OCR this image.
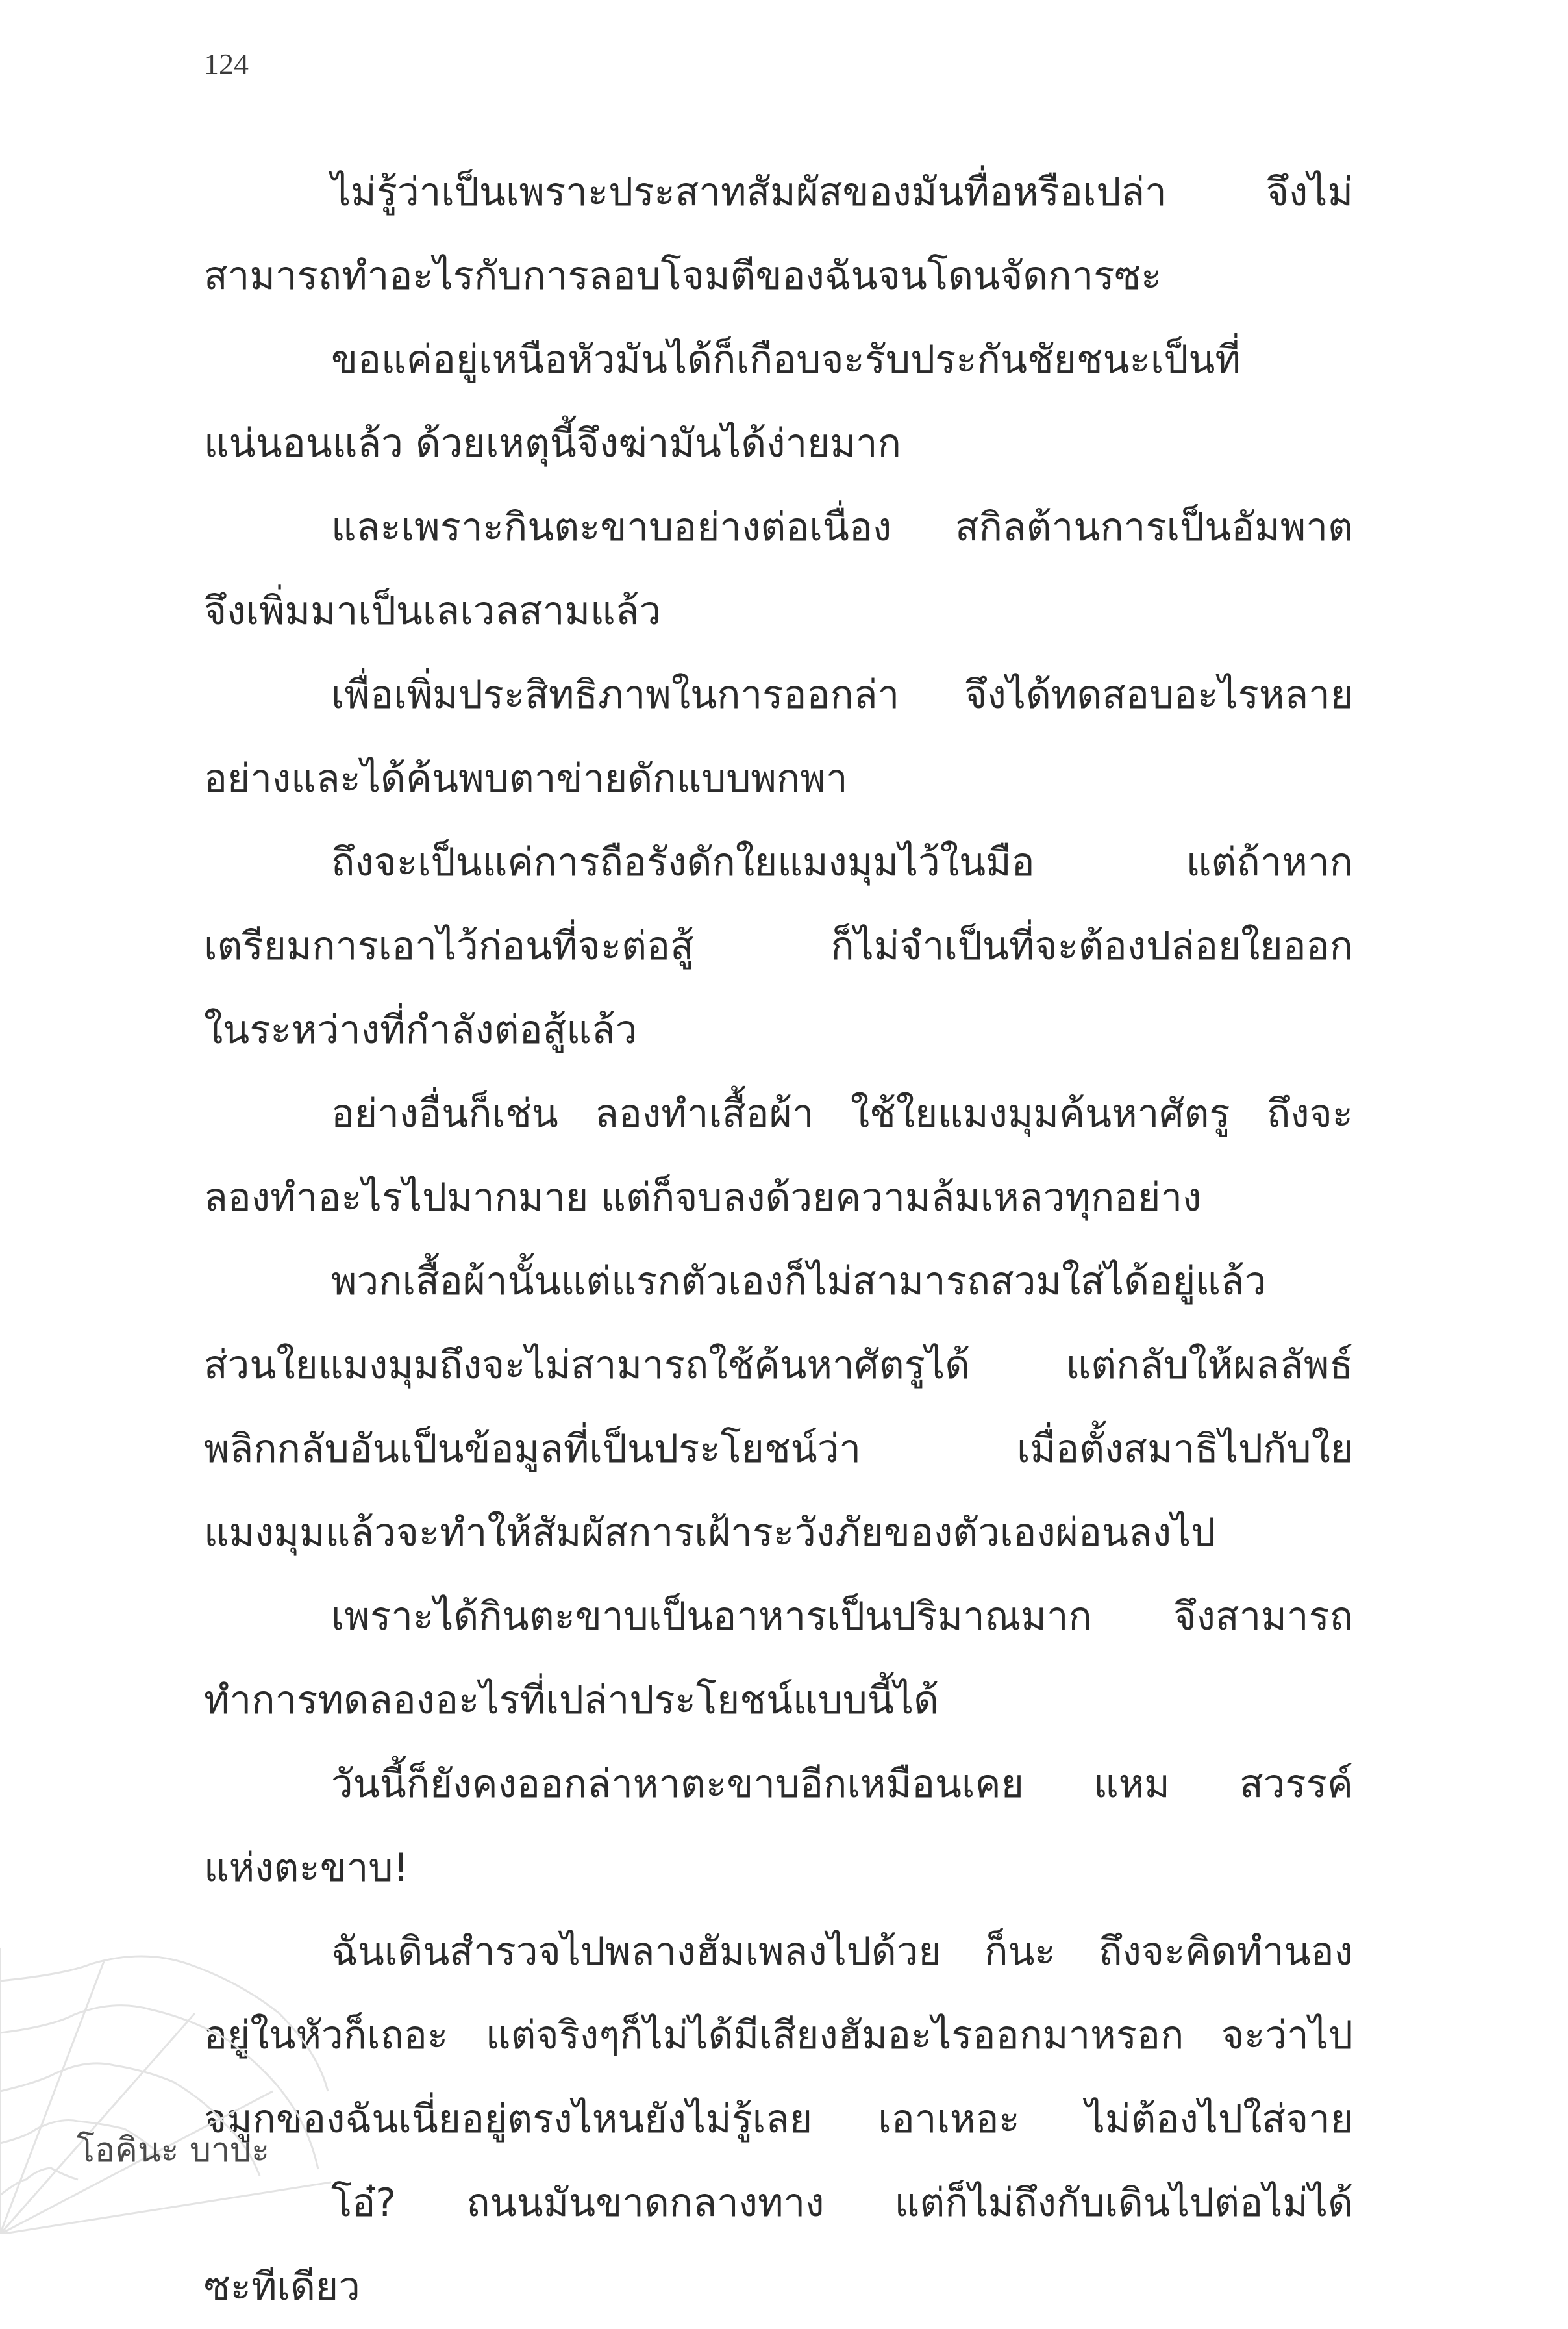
124
ไม่รู้ว่าเป็นเพราะประสาทสัมผัสของมันทื่อหรือเปล่า จึงไม่
สามารถทำอะไรกับการลอบโจมตีของฉันจนโดนจัดการซะ
ขอแค่อยู่เหนือหัวมันได้ก็เกือบจะรับประกันชัยชนะเป็นที่
แน่นอนแล้ว ด้วยเหตุนี้จึงฆ่ามันได้ง่ายมาก
และเพราะกินตะขาบอย่างต่อเนื่อง สกิลต้านการเป็นอัมพาต
จึงเพิ่มมาเป็นเลเวลสามแล้ว
เพื่อเพิ่มประสิทธิภาพในการออกล่า จึงได้ทดสอบอะไรหลาย
อย่างและได้ค้นพบตาข่ายดักแบบพกพา
ถึงจะเป็นแค่การถือรังดักใยแมงมุมไว้ในมือ แต่ถ้าหาก
เตรียมการเอาไว้ก่อนที่จะต่อสู้ ก็ไม่จำเป็นที่จะต้องปล่อยใยออก
ในระหว่างที่กำลังต่อสู้แล้ว
อย่างอื่นก็เช่น ลองทำเสื้อผ้า ใช้ใยแมงมุมค้นหาศัตรู ถึงจะ
ลองทำอะไรไปมากมาย แต่ก็จบลงด้วยความล้มเหลวทุกอย่าง
พวกเสื้อผ้านั้นแต่แรกตัวเองก็ไม่สามารถสวมใส่ได้อยู่แล้ว
ส่วนใยแมงมุมถึงจะไม่สามารถใช้ค้นหาศัตรูได้ แต่กลับให้ผลลัพธ์
พลิกกลับอันเป็นข้อมูลที่เป็นประโยชน์ว่า เมื่อตั้งสมาธิไปกับใย
แมงมุมแล้วจะทำให้สัมผัสการเฝ้าระวังภัยของตัวเองผ่อนลงไป
เพราะได้กินตะขาบเป็นอาหารเป็นปริมาณมาก จึงสามารถ
ทำการทดลองอะไรที่เปล่าประโยชน์แบบนี้ได้
วันนี้ก็ยังคงออกล่าหาตะขาบอีกเหมือนเคย แหม สวรรค์
แห่งตะขาบ!
ฉันเดินสำรวจไปพลางฮัมเพลงไปด้วย ก็นะ ถึงจะคิดทำนอง
อยู่ในหัวก็เถอะ แต่จริงๆก็ไม่ได้มีเสียงฮัมอะไรออกมาหรอก จะว่าไป
จมูกของฉันเนี่ยอยู่ตรงไหนยังไม่รู้เลย เอาเหอะ ไม่ต้องไปใส่จาย
โอ๋? ถนนมันขาดกลางทาง แต่ก็ไม่ถึงกับเดินไปต่อไม่ได้
ซะทีเดียว
โอคินะ บาบะ
